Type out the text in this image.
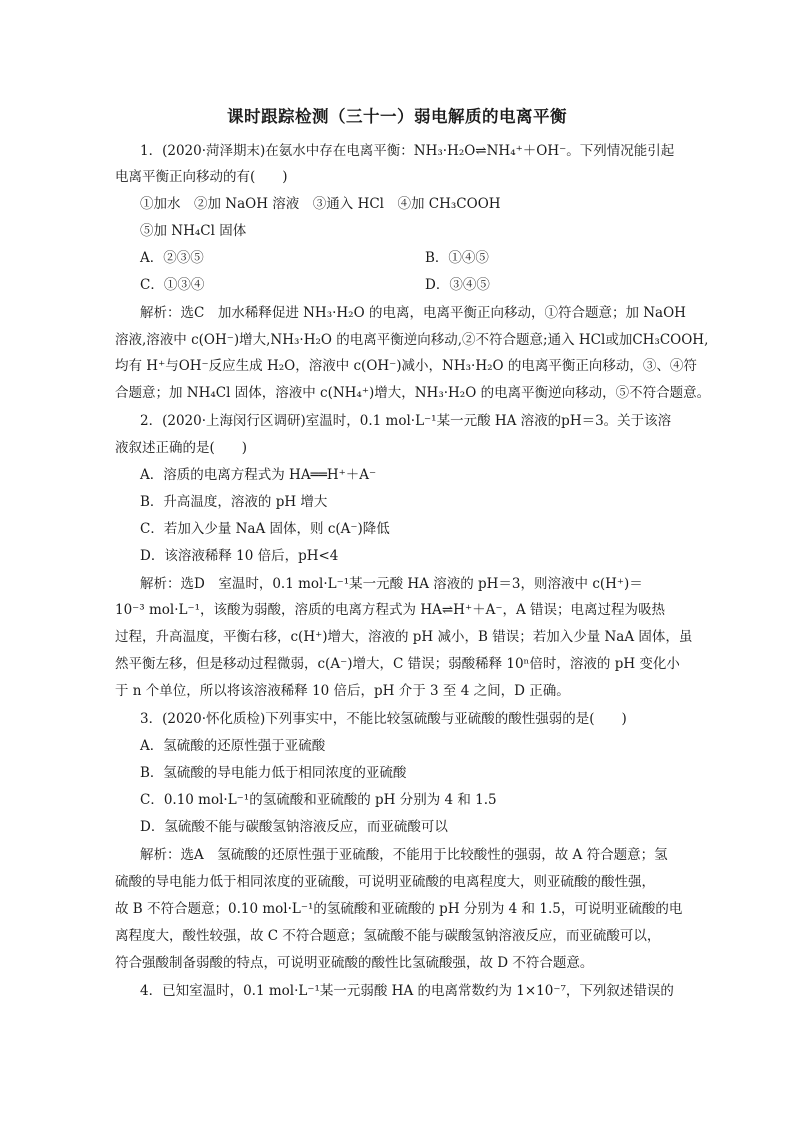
课时跟踪检测（三十一）弱电解质的电离平衡
1．(2020·菏泽期末)在氨水中存在电离平衡：NH₃·H₂O⇌NH₄⁺＋OH⁻。下列情况能引起
电离平衡正向移动的有(　　)
①加水　②加 NaOH 溶液　③通入 HCl　④加 CH₃COOH
⑤加 NH₄Cl 固体
A．②③⑤	B．①④⑤
C．①③④	D．③④⑤
解析：选C　加水稀释促进 NH₃·H₂O 的电离，电离平衡正向移动，①符合题意；加 NaOH
溶液,溶液中 c(OH⁻)增大,NH₃·H₂O 的电离平衡逆向移动,②不符合题意;通入 HCl或加CH₃COOH,
均有 H⁺与OH⁻反应生成 H₂O，溶液中 c(OH⁻)减小，NH₃·H₂O 的电离平衡正向移动，③、④符
合题意；加 NH₄Cl 固体，溶液中 c(NH₄⁺)增大，NH₃·H₂O 的电离平衡逆向移动，⑤不符合题意。
2．(2020·上海闵行区调研)室温时，0.1 mol·L⁻¹某一元酸 HA 溶液的pH＝3。关于该溶
液叙述正确的是(　　)
A．溶质的电离方程式为 HA══H⁺＋A⁻
B．升高温度，溶液的 pH 增大
C．若加入少量 NaA 固体，则 c(A⁻)降低
D．该溶液稀释 10 倍后，pH<4
解析：选D　室温时，0.1 mol·L⁻¹某一元酸 HA 溶液的 pH＝3，则溶液中 c(H⁺)＝
10⁻³ mol·L⁻¹，该酸为弱酸，溶质的电离方程式为 HA⇌H⁺＋A⁻，A 错误；电离过程为吸热
过程，升高温度，平衡右移，c(H⁺)增大，溶液的 pH 减小，B 错误；若加入少量 NaA 固体，虽
然平衡左移，但是移动过程微弱，c(A⁻)增大，C 错误；弱酸稀释 10ⁿ倍时，溶液的 pH 变化小
于 n 个单位，所以将该溶液稀释 10 倍后，pH 介于 3 至 4 之间，D 正确。
3．(2020·怀化质检)下列事实中，不能比较氢硫酸与亚硫酸的酸性强弱的是(　　)
A．氢硫酸的还原性强于亚硫酸
B．氢硫酸的导电能力低于相同浓度的亚硫酸
C．0.10 mol·L⁻¹的氢硫酸和亚硫酸的 pH 分别为 4 和 1.5
D．氢硫酸不能与碳酸氢钠溶液反应，而亚硫酸可以
解析：选A　氢硫酸的还原性强于亚硫酸，不能用于比较酸性的强弱，故 A 符合题意；氢
硫酸的导电能力低于相同浓度的亚硫酸，可说明亚硫酸的电离程度大，则亚硫酸的酸性强，
故 B 不符合题意；0.10 mol·L⁻¹的氢硫酸和亚硫酸的 pH 分别为 4 和 1.5，可说明亚硫酸的电
离程度大，酸性较强，故 C 不符合题意；氢硫酸不能与碳酸氢钠溶液反应，而亚硫酸可以，
符合强酸制备弱酸的特点，可说明亚硫酸的酸性比氢硫酸强，故 D 不符合题意。
4．已知室温时，0.1 mol·L⁻¹某一元弱酸 HA 的电离常数约为 1×10⁻⁷，下列叙述错误的
